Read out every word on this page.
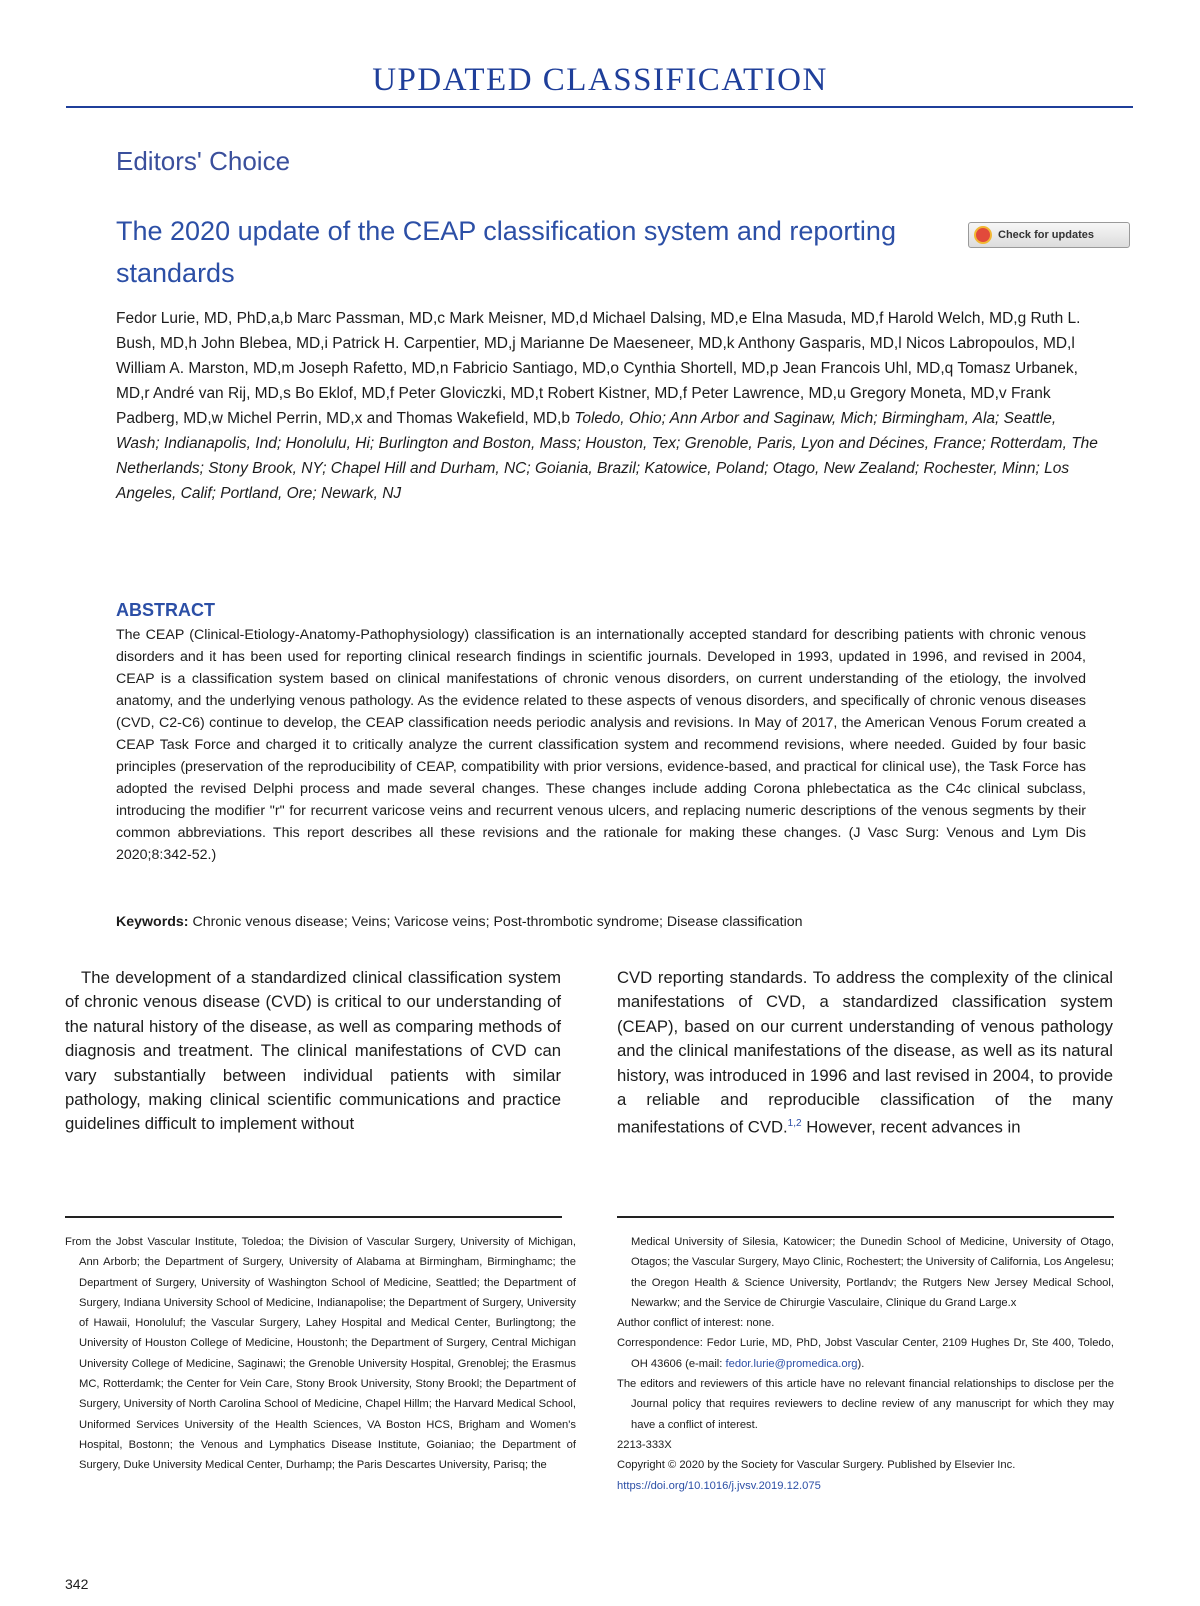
UPDATED CLASSIFICATION
Editors' Choice
The 2020 update of the CEAP classification system and reporting standards
Check for updates
Fedor Lurie, MD, PhD,a,b Marc Passman, MD,c Mark Meisner, MD,d Michael Dalsing, MD,e Elna Masuda, MD,f Harold Welch, MD,g Ruth L. Bush, MD,h John Blebea, MD,i Patrick H. Carpentier, MD,j Marianne De Maeseneer, MD,k Anthony Gasparis, MD,l Nicos Labropoulos, MD,l William A. Marston, MD,m Joseph Rafetto, MD,n Fabricio Santiago, MD,o Cynthia Shortell, MD,p Jean Francois Uhl, MD,q Tomasz Urbanek, MD,r André van Rij, MD,s Bo Eklof, MD,f Peter Gloviczki, MD,t Robert Kistner, MD,f Peter Lawrence, MD,u Gregory Moneta, MD,v Frank Padberg, MD,w Michel Perrin, MD,x and Thomas Wakefield, MD,b Toledo, Ohio; Ann Arbor and Saginaw, Mich; Birmingham, Ala; Seattle, Wash; Indianapolis, Ind; Honolulu, Hi; Burlington and Boston, Mass; Houston, Tex; Grenoble, Paris, Lyon and Décines, France; Rotterdam, The Netherlands; Stony Brook, NY; Chapel Hill and Durham, NC; Goiania, Brazil; Katowice, Poland; Otago, New Zealand; Rochester, Minn; Los Angeles, Calif; Portland, Ore; Newark, NJ
ABSTRACT
The CEAP (Clinical-Etiology-Anatomy-Pathophysiology) classification is an internationally accepted standard for describing patients with chronic venous disorders and it has been used for reporting clinical research findings in scientific journals. Developed in 1993, updated in 1996, and revised in 2004, CEAP is a classification system based on clinical manifestations of chronic venous disorders, on current understanding of the etiology, the involved anatomy, and the underlying venous pathology. As the evidence related to these aspects of venous disorders, and specifically of chronic venous diseases (CVD, C2-C6) continue to develop, the CEAP classification needs periodic analysis and revisions. In May of 2017, the American Venous Forum created a CEAP Task Force and charged it to critically analyze the current classification system and recommend revisions, where needed. Guided by four basic principles (preservation of the reproducibility of CEAP, compatibility with prior versions, evidence-based, and practical for clinical use), the Task Force has adopted the revised Delphi process and made several changes. These changes include adding Corona phlebectatica as the C4c clinical subclass, introducing the modifier "r" for recurrent varicose veins and recurrent venous ulcers, and replacing numeric descriptions of the venous segments by their common abbreviations. This report describes all these revisions and the rationale for making these changes. (J Vasc Surg: Venous and Lym Dis 2020;8:342-52.)
Keywords: Chronic venous disease; Veins; Varicose veins; Post-thrombotic syndrome; Disease classification
The development of a standardized clinical classification system of chronic venous disease (CVD) is critical to our understanding of the natural history of the disease, as well as comparing methods of diagnosis and treatment. The clinical manifestations of CVD can vary substantially between individual patients with similar pathology, making clinical scientific communications and practice guidelines difficult to implement without
CVD reporting standards. To address the complexity of the clinical manifestations of CVD, a standardized classification system (CEAP), based on our current understanding of venous pathology and the clinical manifestations of the disease, as well as its natural history, was introduced in 1996 and last revised in 2004, to provide a reliable and reproducible classification of the many manifestations of CVD.$^{1,2}$ However, recent advances in
From the Jobst Vascular Institute, Toledoa; the Division of Vascular Surgery, University of Michigan, Ann Arborb; the Department of Surgery, University of Alabama at Birmingham, Birminghamc; the Department of Surgery, University of Washington School of Medicine, Seattled; the Department of Surgery, Indiana University School of Medicine, Indianapolise; the Department of Surgery, University of Hawaii, Honoluluf; the Vascular Surgery, Lahey Hospital and Medical Center, Burlingtong; the University of Houston College of Medicine, Houstonh; the Department of Surgery, Central Michigan University College of Medicine, Saginawi; the Grenoble University Hospital, Grenoblej; the Erasmus MC, Rotterdamk; the Center for Vein Care, Stony Brook University, Stony Brookl; the Department of Surgery, University of North Carolina School of Medicine, Chapel Hillm; the Harvard Medical School, Uniformed Services University of the Health Sciences, VA Boston HCS, Brigham and Women's Hospital, Bostonn; the Venous and Lymphatics Disease Institute, Goianiao; the Department of Surgery, Duke University Medical Center, Durhamp; the Paris Descartes University, Parisq; the
Medical University of Silesia, Katowicer; the Dunedin School of Medicine, University of Otago, Otagos; the Vascular Surgery, Mayo Clinic, Rochestert; the University of California, Los Angelesu; the Oregon Health & Science University, Portlandv; the Rutgers New Jersey Medical School, Newarkw; and the Service de Chirurgie Vasculaire, Clinique du Grand Large.x
Author conflict of interest: none.
Correspondence: Fedor Lurie, MD, PhD, Jobst Vascular Center, 2109 Hughes Dr, Ste 400, Toledo, OH 43606 (e-mail: fedor.lurie@promedica.org).
The editors and reviewers of this article have no relevant financial relationships to disclose per the Journal policy that requires reviewers to decline review of any manuscript for which they may have a conflict of interest.
2213-333X
Copyright © 2020 by the Society for Vascular Surgery. Published by Elsevier Inc.
https://doi.org/10.1016/j.jvsv.2019.12.075
342
